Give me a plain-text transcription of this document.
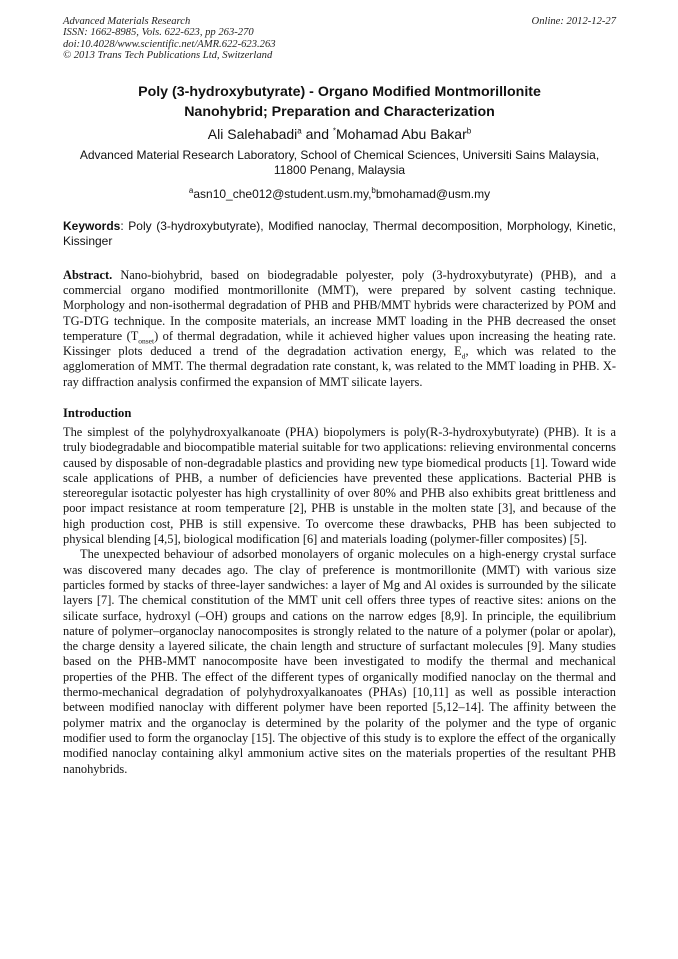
Advanced Materials Research
ISSN: 1662-8985, Vols. 622-623, pp 263-270
doi:10.4028/www.scientific.net/AMR.622-623.263
© 2013 Trans Tech Publications Ltd, Switzerland
Online: 2012-12-27
Poly (3-hydroxybutyrate) - Organo Modified Montmorillonite
Nanohybrid; Preparation and Characterization
Ali Salehabadi$^a$ and *Mohamad Abu Bakar$^b$
Advanced Material Research Laboratory, School of Chemical Sciences, Universiti Sains Malaysia,
11800 Penang, Malaysia
$^a$asn10_che012@student.usm.my,$^b$bmohamad@usm.my
Keywords: Poly (3-hydroxybutyrate), Modified nanoclay, Thermal decomposition, Morphology, Kinetic, Kissinger
Abstract. Nano-biohybrid, based on biodegradable polyester, poly (3-hydroxybutyrate) (PHB), and a commercial organo modified montmorillonite (MMT), were prepared by solvent casting technique. Morphology and non-isothermal degradation of PHB and PHB/MMT hybrids were characterized by POM and TG-DTG technique. In the composite materials, an increase MMT loading in the PHB decreased the onset temperature $(T_{onset})$ of thermal degradation, while it achieved higher values upon increasing the heating rate. Kissinger plots deduced a trend of the degradation activation energy, $E_d$, which was related to the agglomeration of MMT. The thermal degradation rate constant, k, was related to the MMT loading in PHB. X-ray diffraction analysis confirmed the expansion of MMT silicate layers.
Introduction
The simplest of the polyhydroxyalkanoate (PHA) biopolymers is poly(R-3-hydroxybutyrate) (PHB). It is a truly biodegradable and biocompatible material suitable for two applications: relieving environmental concerns caused by disposable of non-degradable plastics and providing new type biomedical products [1]. Toward wide scale applications of PHB, a number of deficiencies have prevented these applications. Bacterial PHB is stereoregular isotactic polyester has high crystallinity of over 80% and PHB also exhibits great brittleness and poor impact resistance at room temperature [2], PHB is unstable in the molten state [3], and because of the high production cost, PHB is still expensive. To overcome these drawbacks, PHB has been subjected to physical blending [4,5], biological modification [6] and materials loading (polymer-filler composites) [5].
The unexpected behaviour of adsorbed monolayers of organic molecules on a high-energy crystal surface was discovered many decades ago. The clay of preference is montmorillonite (MMT) with various size particles formed by stacks of three-layer sandwiches: a layer of Mg and Al oxides is surrounded by the silicate layers [7]. The chemical constitution of the MMT unit cell offers three types of reactive sites: anions on the silicate surface, hydroxyl (–OH) groups and cations on the narrow edges [8,9]. In principle, the equilibrium nature of polymer–organoclay nanocomposites is strongly related to the nature of a polymer (polar or apolar), the charge density a layered silicate, the chain length and structure of surfactant molecules [9]. Many studies based on the PHB-MMT nanocomposite have been investigated to modify the thermal and mechanical properties of the PHB. The effect of the different types of organically modified nanoclay on the thermal and thermo-mechanical degradation of polyhydroxyalkanoates (PHAs) [10,11] as well as possible interaction between modified nanoclay with different polymer have been reported [5,12–14]. The affinity between the polymer matrix and the organoclay is determined by the polarity of the polymer and the type of organic modifier used to form the organoclay [15]. The objective of this study is to explore the effect of the organically modified nanoclay containing alkyl ammonium active sites on the materials properties of the resultant PHB nanohybrids.
